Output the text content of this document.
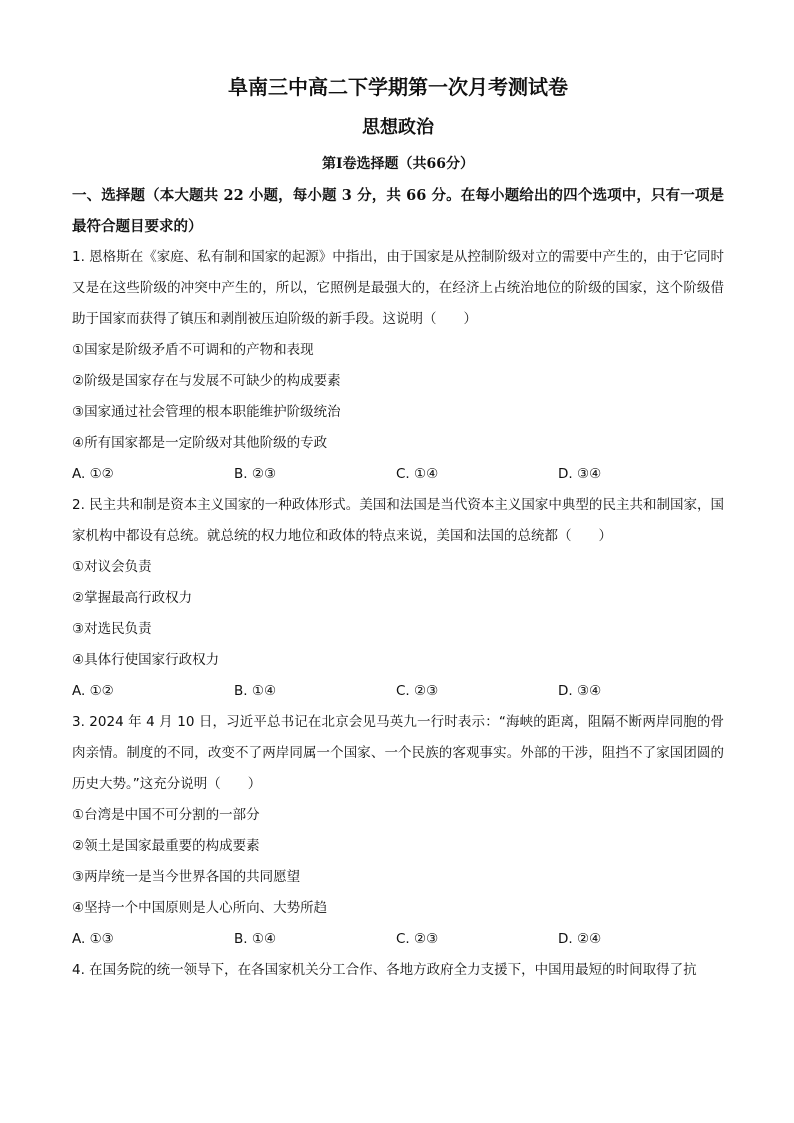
阜南三中高二下学期第一次月考测试卷
思想政治
第Ⅰ卷选择题（共66分）
一、选择题（本大题共 22 小题，每小题 3 分，共 66 分。在每小题给出的四个选项中，只有一项是最符合题目要求的）
1. 恩格斯在《家庭、私有制和国家的起源》中指出，由于国家是从控制阶级对立的需要中产生的，由于它同时又是在这些阶级的冲突中产生的，所以，它照例是最强大的，在经济上占统治地位的阶级的国家，这个阶级借助于国家而获得了镇压和剥削被压迫阶级的新手段。这说明（　　）
①国家是阶级矛盾不可调和的产物和表现
②阶级是国家存在与发展不可缺少的构成要素
③国家通过社会管理的根本职能维护阶级统治
④所有国家都是一定阶级对其他阶级的专政
A. ①②	B. ②③	C. ①④	D. ③④
2. 民主共和制是资本主义国家的一种政体形式。美国和法国是当代资本主义国家中典型的民主共和制国家，国家机构中都设有总统。就总统的权力地位和政体的特点来说，美国和法国的总统都（　　）
①对议会负责
②掌握最高行政权力
③对选民负责
④具体行使国家行政权力
A. ①②	B. ①④	C. ②③	D. ③④
3. 2024 年 4 月 10 日，习近平总书记在北京会见马英九一行时表示：“海峡的距离，阻隔不断两岸同胞的骨肉亲情。制度的不同，改变不了两岸同属一个国家、一个民族的客观事实。外部的干涉，阻挡不了家国团圆的历史大势。”这充分说明（　　）
①台湾是中国不可分割的一部分
②领土是国家最重要的构成要素
③两岸统一是当今世界各国的共同愿望
④坚持一个中国原则是人心所向、大势所趋
A. ①③	B. ①④	C. ②③	D. ②④
4. 在国务院的统一领导下，在各国家机关分工合作、各地方政府全力支援下，中国用最短的时间取得了抗
